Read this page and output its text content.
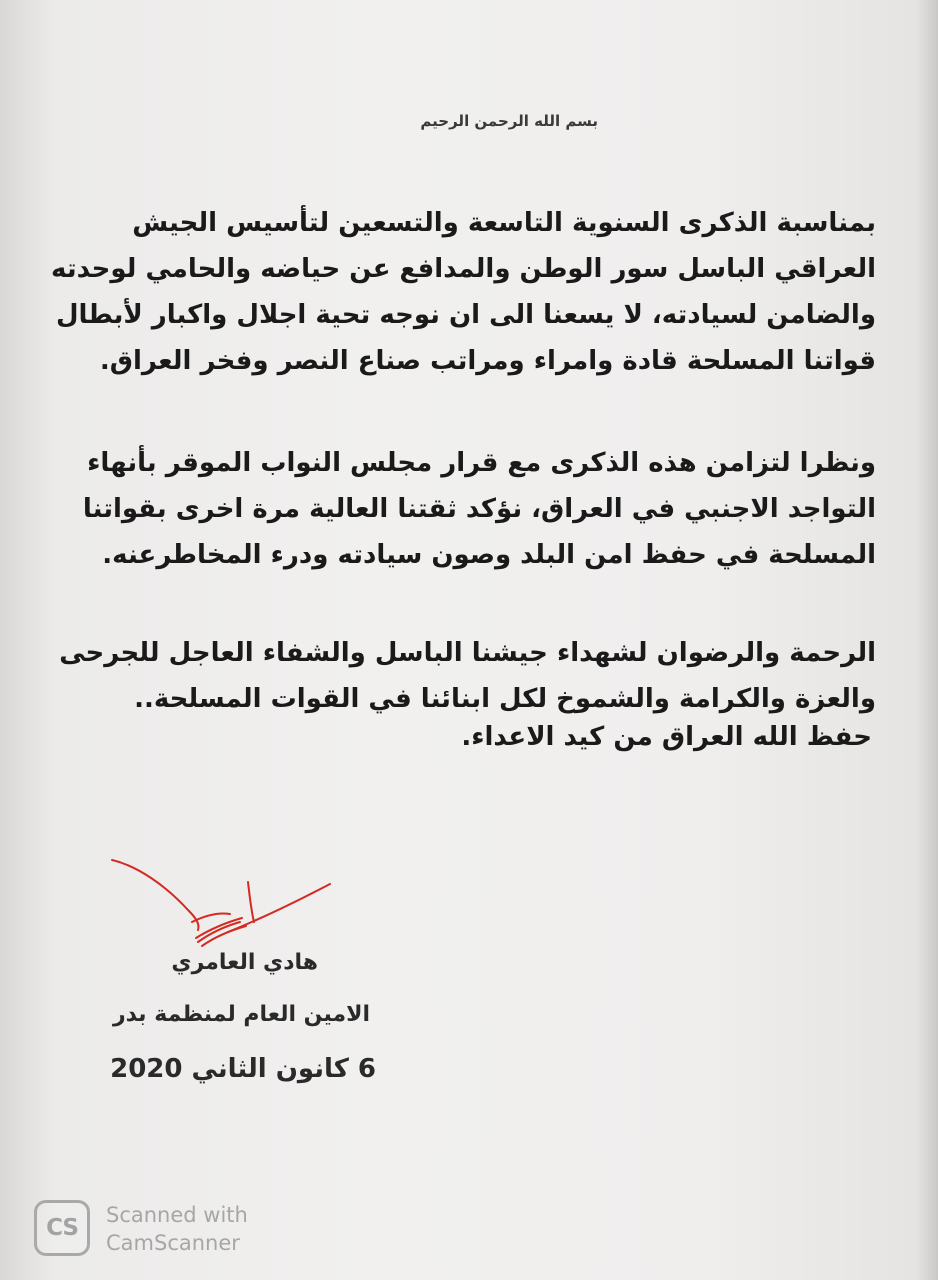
بسم الله الرحمن الرحيم
بمناسبة الذكرى السنوية التاسعة والتسعين لتأسيس الجيش
العراقي الباسل سور الوطن والمدافع عن حياضه والحامي لوحدته
والضامن لسيادته، لا يسعنا الى ان نوجه تحية اجلال واكبار لأبطال
قواتنا المسلحة قادة وامراء ومراتب صناع النصر وفخر العراق.
ونظرا لتزامن هذه الذكرى مع قرار مجلس النواب الموقر بأنهاء
التواجد الاجنبي في العراق، نؤكد ثقتنا العالية مرة اخرى بقواتنا
المسلحة في حفظ امن البلد وصون سيادته ودرء المخاطرعنه.
الرحمة والرضوان لشهداء جيشنا الباسل والشفاء العاجل للجرحى
والعزة والكرامة والشموخ لكل ابنائنا في القوات المسلحة..
حفظ الله العراق من كيد الاعداء.
هادي العامري
الامين العام لمنظمة بدر
6 كانون الثاني 2020
CS	Scanned with
CamScanner
